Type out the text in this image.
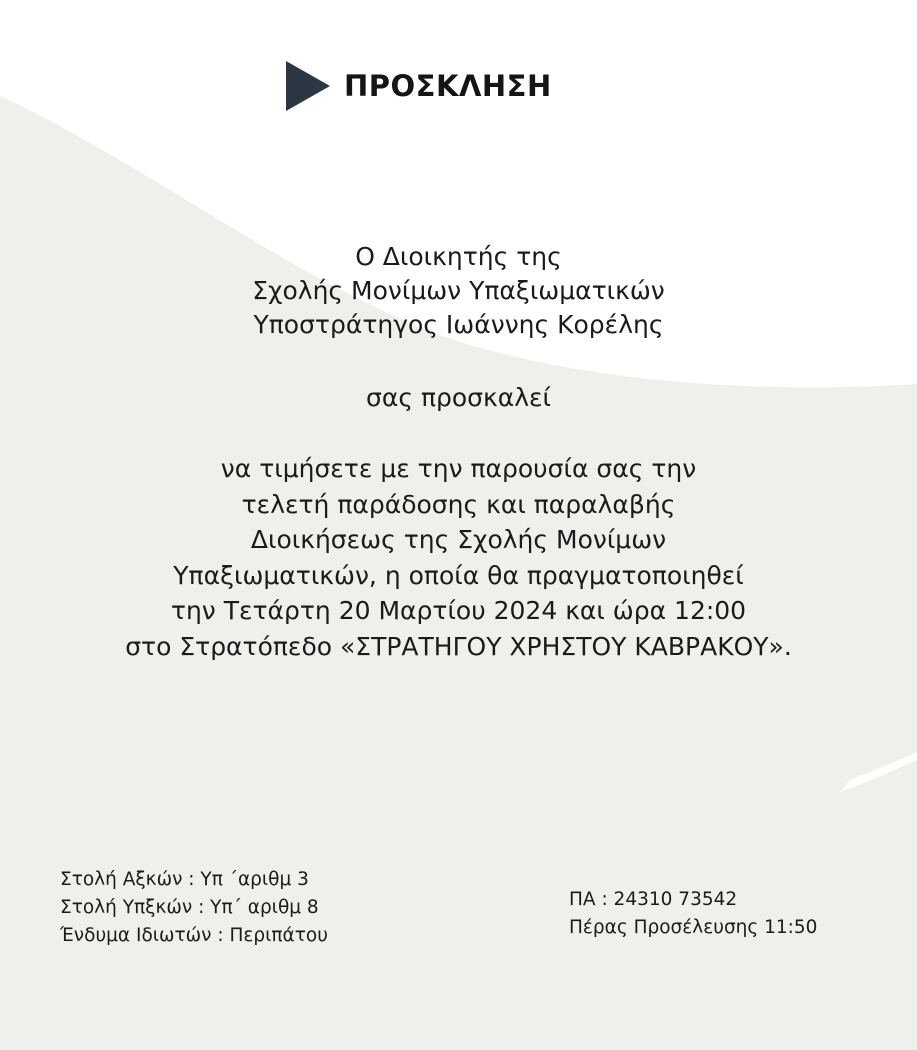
ΠΡΟΣΚΛΗΣΗ
Ο Διοικητής της
Σχολής Μονίμων Υπαξιωματικών
Υποστράτηγος Ιωάννης Κορέλης
σας προσκαλεί
να τιμήσετε με την παρουσία σας την
τελετή παράδοσης και παραλαβής
Διοικήσεως της Σχολής Μονίμων
Υπαξιωματικών, η οποία θα πραγματοποιηθεί
την Τετάρτη 20 Μαρτίου 2024 και ώρα 12:00
στο Στρατόπεδο «ΣΤΡΑΤΗΓΟΥ ΧΡΗΣΤΟΥ ΚΑΒΡΑΚΟΥ».
Στολή Αξκών : Υπ ΄αριθμ 3
Στολή Υπξκών : Υπ΄ αριθμ 8
Ένδυμα Ιδιωτών : Περιπάτου
ΠΑ : 24310 73542
Πέρας Προσέλευσης 11:50
